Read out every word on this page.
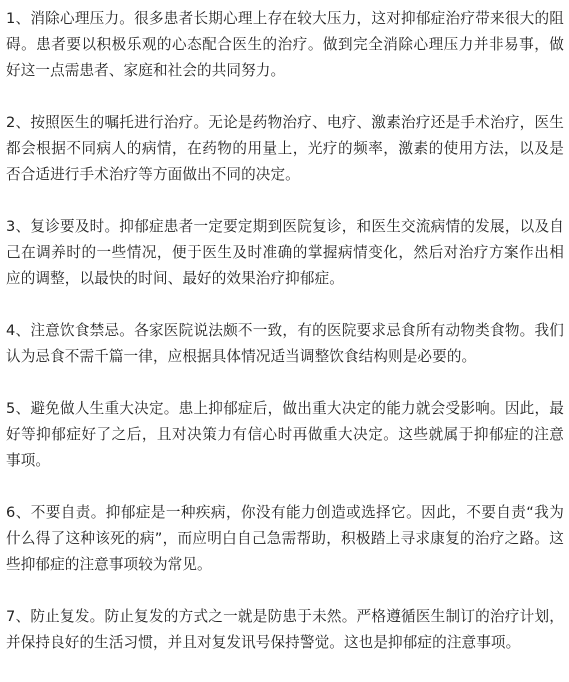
1、消除心理压力。很多患者长期心理上存在较大压力，这对抑郁症治疗带来很大的阻碍。患者要以积极乐观的心态配合医生的治疗。做到完全消除心理压力并非易事，做好这一点需患者、家庭和社会的共同努力。

2、按照医生的嘱托进行治疗。无论是药物治疗、电疗、激素治疗还是手术治疗，医生都会根据不同病人的病情，在药物的用量上，光疗的频率，激素的使用方法，以及是否合适进行手术治疗等方面做出不同的决定。

3、复诊要及时。抑郁症患者一定要定期到医院复诊，和医生交流病情的发展，以及自己在调养时的一些情况，便于医生及时准确的掌握病情变化，然后对治疗方案作出相应的调整，以最快的时间、最好的效果治疗抑郁症。

4、注意饮食禁忌。各家医院说法颇不一致，有的医院要求忌食所有动物类食物。我们认为忌食不需千篇一律，应根据具体情况适当调整饮食结构则是必要的。

5、避免做人生重大决定。患上抑郁症后，做出重大决定的能力就会受影响。因此，最好等抑郁症好了之后，且对决策力有信心时再做重大决定。这些就属于抑郁症的注意事项。

6、不要自责。抑郁症是一种疾病，你没有能力创造或选择它。因此，不要自责“我为什么得了这种该死的病”，而应明白自己急需帮助，积极踏上寻求康复的治疗之路。这些抑郁症的注意事项较为常见。

7、防止复发。防止复发的方式之一就是防患于未然。严格遵循医生制订的治疗计划，并保持良好的生活习惯，并且对复发讯号保持警觉。这也是抑郁症的注意事项。
